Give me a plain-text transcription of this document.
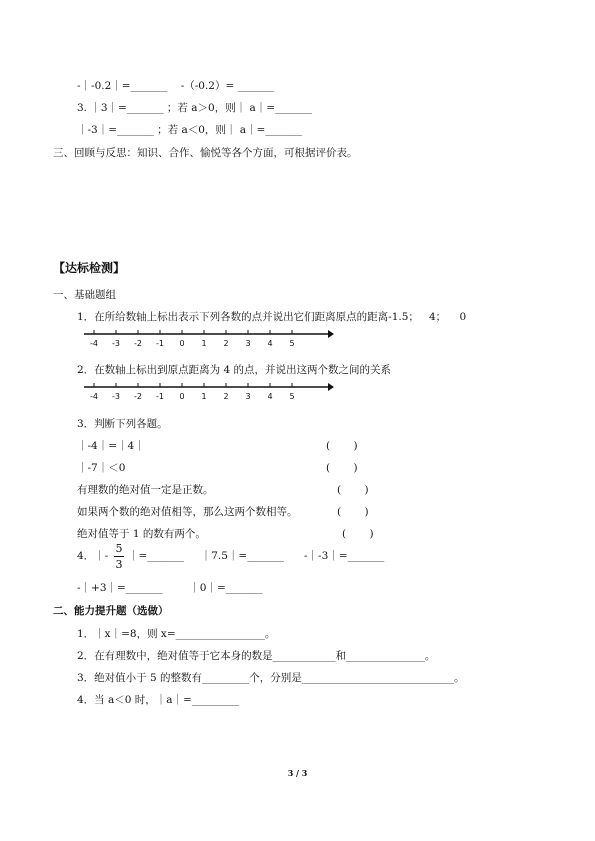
-｜-0.2｜=_______    -（-0.2）= _______
3. ｜3｜=_______ ；若 a＞0，则｜ a｜=_______
｜-3｜=_______ ；若 a＜0，则｜ a｜=_______
三、回顾与反思：知识、合作、愉悦等各个方面，可根据评价表。
【达标检测】
一、基础题组
1．在所给数轴上标出表示下列各数的点并说出它们距离原点的距离-1.5；   4；    0
-4 -3 -2 -1 0 1 2 3 4 5
2．在数轴上标出到原点距离为 4 的点，并说出这两个数之间的关系
-4 -3 -2 -1 0 1 2 3 4 5
3．判断下列各题。
｜-4｜=｜4｜	(       )
｜-7｜＜0	(       )
有理数的绝对值一定是正数。	(       )
如果两个数的绝对值相等，那么这两个数相等。	(       )
绝对值等于 1 的数有两个。	(       )
4．｜-
5
3
｜=_______     ｜7.5｜=_______      -｜-3｜=_______
-｜+3｜=_______        ｜0｜=_______
二、能力提升题（选做）
1．｜x｜=8，则 x=_________________。
2．在有理数中，绝对值等于它本身的数是____________和_______________。
3．绝对值小于 5 的整数有_________个，分别是_____________________________。
4．当 a＜0 时，｜a｜=_________
3 / 3
